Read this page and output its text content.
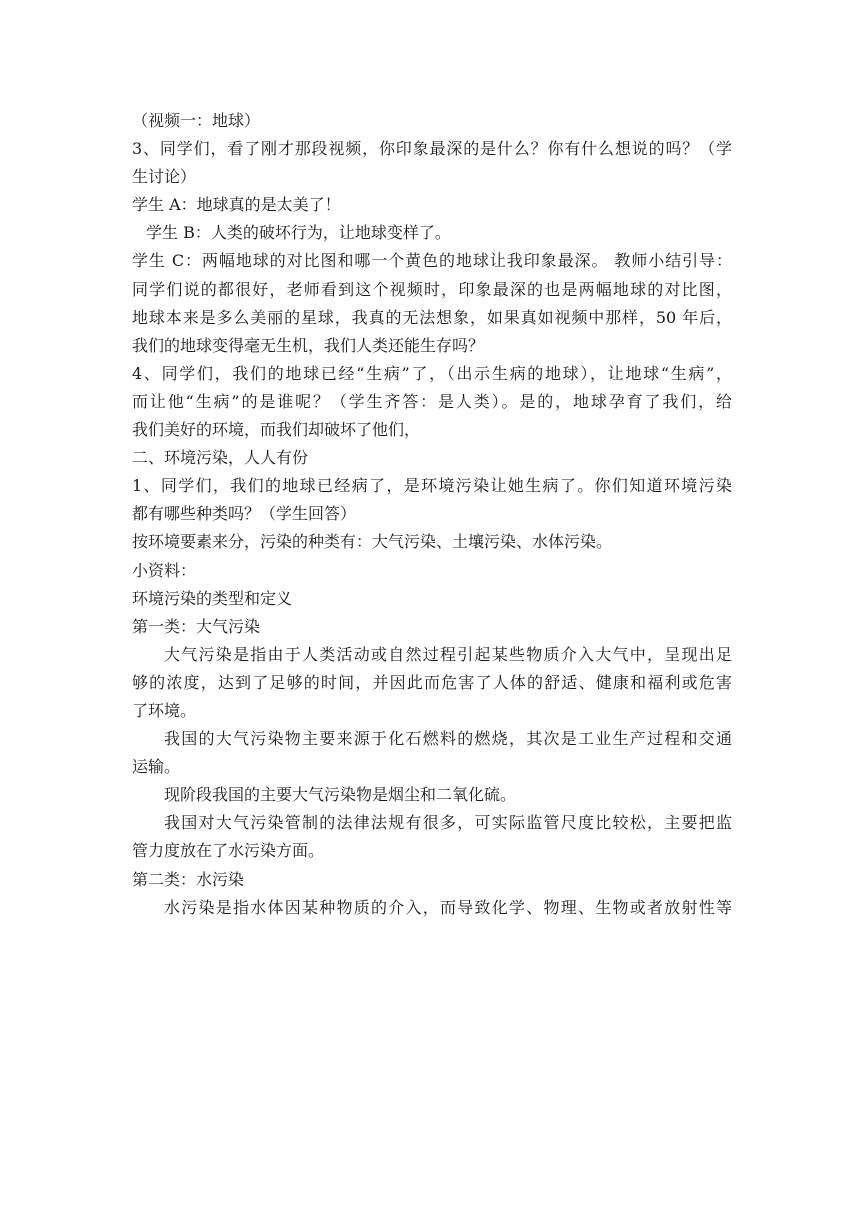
（视频一：地球）

3、同学们，看了刚才那段视频，你印象最深的是什么？你有什么想说的吗？（学

生讨论）

学生 A：地球真的是太美了！

学生 B：人类的破坏行为，让地球变样了。

学生 C：两幅地球的对比图和哪一个黄色的地球让我印象最深。 教师小结引导：

同学们说的都很好，老师看到这个视频时，印象最深的也是两幅地球的对比图，

地球本来是多么美丽的星球，我真的无法想象，如果真如视频中那样，50 年后，

我们的地球变得毫无生机，我们人类还能生存吗？

4、同学们，我们的地球已经“生病”了，（出示生病的地球），让地球“生病”，

而让他“生病”的是谁呢？（学生齐答：是人类）。是的，地球孕育了我们，给

我们美好的环境，而我们却破坏了他们，

二、环境污染，人人有份

1、同学们，我们的地球已经病了，是环境污染让她生病了。你们知道环境污染

都有哪些种类吗？（学生回答）

按环境要素来分，污染的种类有：大气污染、土壤污染、水体污染。

小资料：

环境污染的类型和定义

第一类：大气污染

大气污染是指由于人类活动或自然过程引起某些物质介入大气中，呈现出足

够的浓度，达到了足够的时间，并因此而危害了人体的舒适、健康和福利或危害

了环境。

我国的大气污染物主要来源于化石燃料的燃烧，其次是工业生产过程和交通

运输。

现阶段我国的主要大气污染物是烟尘和二氧化硫。

我国对大气污染管制的法律法规有很多，可实际监管尺度比较松，主要把监

管力度放在了水污染方面。

第二类：水污染

水污染是指水体因某种物质的介入，而导致化学、物理、生物或者放射性等
